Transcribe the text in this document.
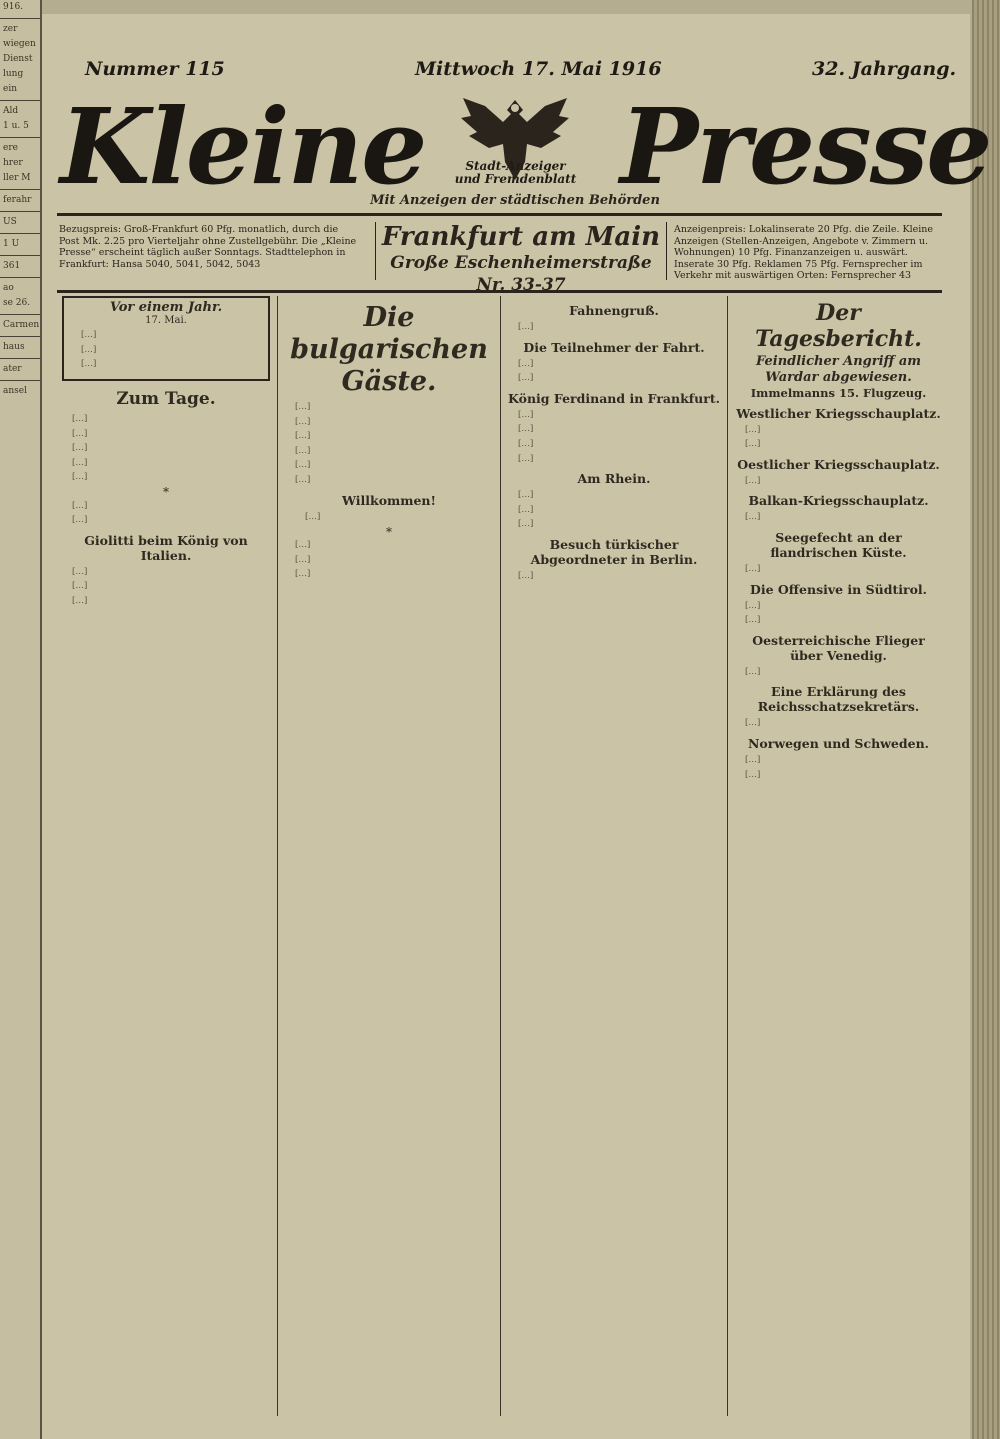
916.
zer
wiegen
Dienst
lung
ein
Ald
1 u. 5
ere
hrer
ller M
ferahr
US
1 U
361
ao
se 26.
Carmen
haus
ater
ansel
Nummer 115	Mittwoch 17. Mai 1916	32. Jahrgang.
Kleine Presse
Stadt-Anzeiger
und Fremdenblatt
Mit Anzeigen der städtischen Behörden
Bezugspreis: Groß-Frankfurt 60 Pfg. monatlich, durch die Post Mk. 2.25 pro Vierteljahr ohne Zustellgebühr. Die „Kleine Presse“ erscheint täglich außer Sonntags. Stadttelephon in Frankfurt: Hansa 5040, 5041, 5042, 5043
Frankfurt am Main
Große Eschenheimerstraße Nr. 33-37
Anzeigenpreis: Lokalinserate 20 Pfg. die Zeile. Kleine Anzeigen (Stellen-Anzeigen, Angebote v. Zimmern u. Wohnungen) 10 Pfg. Finanzanzeigen u. auswärt. Inserate 30 Pfg. Reklamen 75 Pfg. Fernsprecher im Verkehr mit auswärtigen Orten: Fernsprecher 43
Vor einem Jahr.
17. Mai.
[…]
[…]
[…]
Zum Tage.
[…]
[…]
[…]
[…]
[…]
*
[…]
[…]
Giolitti beim König von Italien.
[…]
[…]
[…]
Die bulgarischen Gäste.
[…]
[…]
[…]
[…]
[…]
[…]
Willkommen!
[…]
*
[…]
[…]
[…]
Fahnengruß.
[…]
Die Teilnehmer der Fahrt.
[…]
[…]
König Ferdinand in Frankfurt.
[…]
[…]
[…]
[…]
Am Rhein.
[…]
[…]
[…]
Besuch türkischer Abgeordneter in Berlin.
[…]
Der Tagesbericht.
Feindlicher Angriff am Wardar abgewiesen.
Immelmanns 15. Flugzeug.
Westlicher Kriegsschauplatz.
[…]
[…]
Oestlicher Kriegsschauplatz.
[…]
Balkan-Kriegsschauplatz.
[…]
Seegefecht an der flandrischen Küste.
[…]
Die Offensive in Südtirol.
[…]
[…]
Oesterreichische Flieger über Venedig.
[…]
Eine Erklärung des Reichsschatzsekretärs.
[…]
Norwegen und Schweden.
[…]
[…]
